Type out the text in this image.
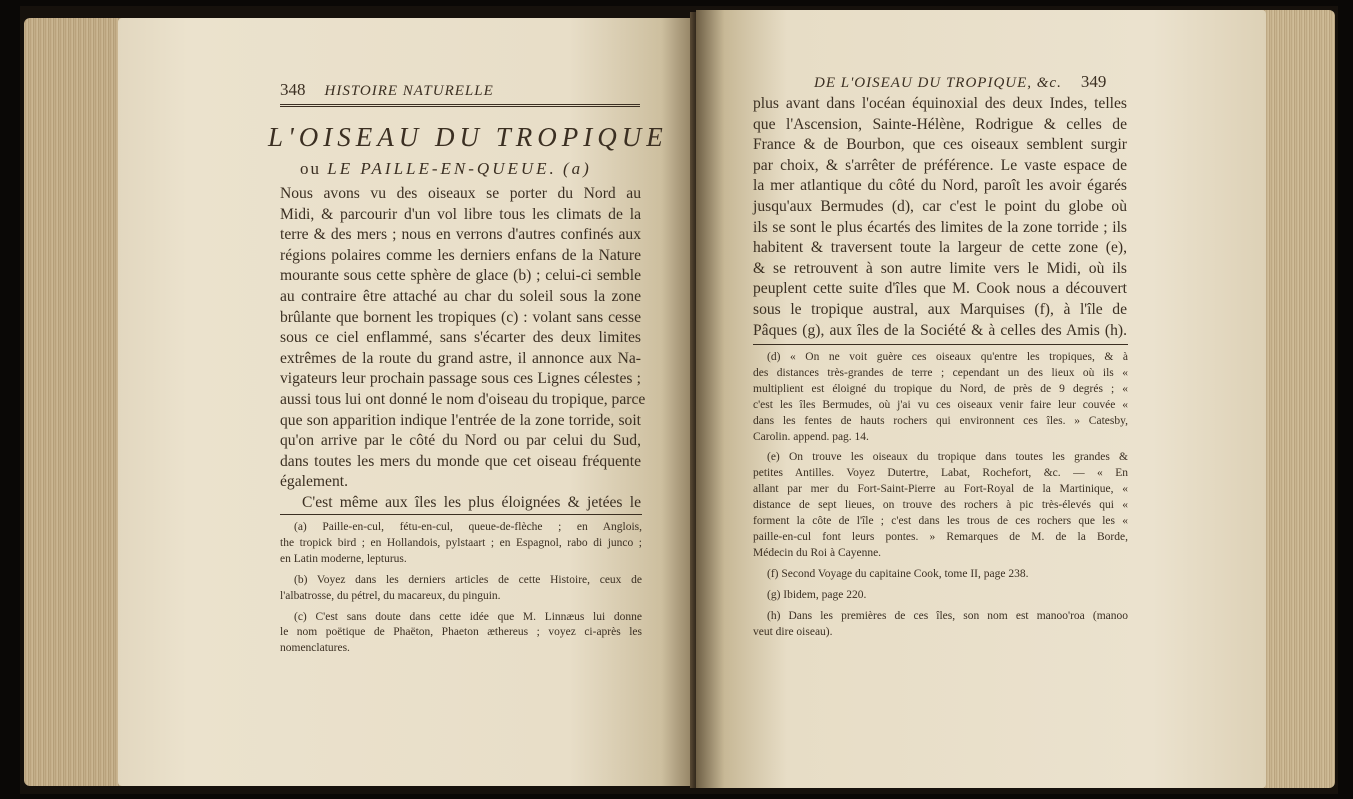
348 HISTOIRE NATURELLE
L'OISEAU DU TROPIQUE
ou LE PAILLE-EN-QUEUE. (a)
Nous avons vu des oiseaux se porter du Nord au
Midi, & parcourir d'un vol libre tous les climats de la
terre & des mers ; nous en verrons d'autres confinés aux
régions polaires comme les derniers enfans de la Nature
mourante sous cette sphère de glace (b) ; celui-ci semble
au contraire être attaché au char du soleil sous la zone
brûlante que bornent les tropiques (c) : volant sans cesse
sous ce ciel enflammé, sans s'écarter des deux limites
extrêmes de la route du grand astre, il annonce aux Na-
vigateurs leur prochain passage sous ces Lignes célestes ;
aussi tous lui ont donné le nom d'oiseau du tropique, parce
que son apparition indique l'entrée de la zone torride, soit
qu'on arrive par le côté du Nord ou par celui du Sud,
dans toutes les mers du monde que cet oiseau fréquente
également.
C'est même aux îles les plus éloignées & jetées le
(a) Paille-en-cul, fétu-en-cul, queue-de-flèche ; en Anglois,
the tropick bird ; en Hollandois, pylstaart ; en Espagnol, rabo di junco ;
en Latin moderne, lepturus.
(b) Voyez dans les derniers articles de cette Histoire, ceux de
l'albatrosse, du pétrel, du macareux, du pinguin.
(c) C'est sans doute dans cette idée que M. Linnæus lui donne
le nom poëtique de Phaëton, Phaeton æthereus ; voyez ci-après les
nomenclatures.
DE L'OISEAU DU TROPIQUE, &c. 349
plus avant dans l'océan équinoxial des deux Indes, telles
que l'Ascension, Sainte-Hélène, Rodrigue & celles de
France & de Bourbon, que ces oiseaux semblent surgir
par choix, & s'arrêter de préférence. Le vaste espace de
la mer atlantique du côté du Nord, paroît les avoir égarés
jusqu'aux Bermudes (d), car c'est le point du globe où
ils se sont le plus écartés des limites de la zone torride ; ils
habitent & traversent toute la largeur de cette zone (e),
& se retrouvent à son autre limite vers le Midi, où ils
peuplent cette suite d'îles que M. Cook nous a découvert
sous le tropique austral, aux Marquises (f), à l'île de
Pâques (g), aux îles de la Société & à celles des Amis (h).
(d) « On ne voit guère ces oiseaux qu'entre les tropiques, & à
des distances très-grandes de terre ; cependant un des lieux où ils «
multiplient est éloigné du tropique du Nord, de près de 9 degrés ; «
c'est les îles Bermudes, où j'ai vu ces oiseaux venir faire leur couvée «
dans les fentes de hauts rochers qui environnent ces îles. » Catesby,
Carolin. append. pag. 14.
(e) On trouve les oiseaux du tropique dans toutes les grandes &
petites Antilles. Voyez Dutertre, Labat, Rochefort, &c. — « En
allant par mer du Fort-Saint-Pierre au Fort-Royal de la Martinique, «
distance de sept lieues, on trouve des rochers à pic très-élevés qui «
forment la côte de l'île ; c'est dans les trous de ces rochers que les «
paille-en-cul font leurs pontes. » Remarques de M. de la Borde,
Médecin du Roi à Cayenne.
(f) Second Voyage du capitaine Cook, tome II, page 238.
(g) Ibidem, page 220.
(h) Dans les premières de ces îles, son nom est manoo'roa (manoo
veut dire oiseau).
